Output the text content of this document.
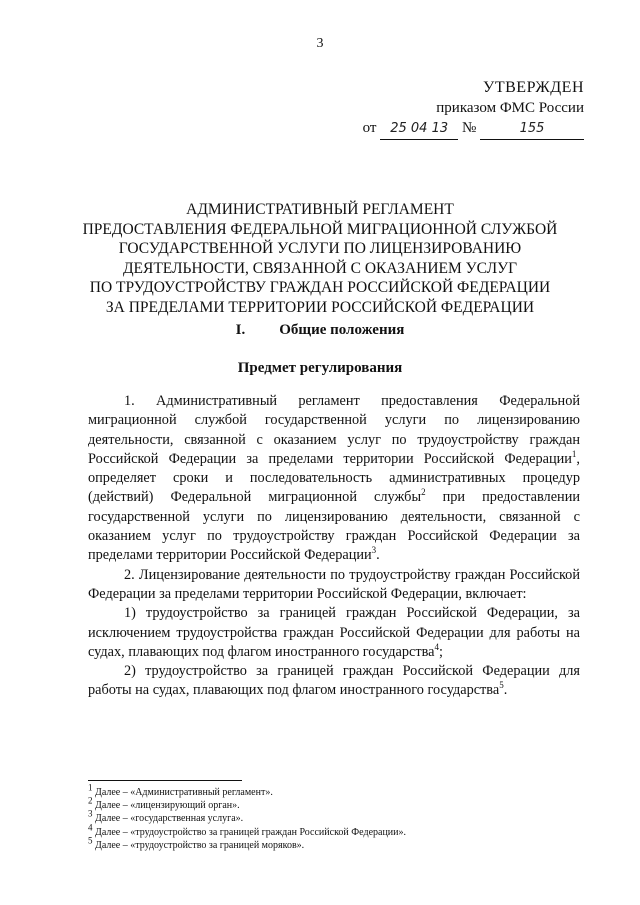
3
УТВЕРЖДЕН
приказом ФМС России
от 25 04 13 №	155
АДМИНИСТРАТИВНЫЙ РЕГЛАМЕНТ
ПРЕДОСТАВЛЕНИЯ ФЕДЕРАЛЬНОЙ МИГРАЦИОННОЙ СЛУЖБОЙ
ГОСУДАРСТВЕННОЙ УСЛУГИ ПО ЛИЦЕНЗИРОВАНИЮ
ДЕЯТЕЛЬНОСТИ, СВЯЗАННОЙ С ОКАЗАНИЕМ УСЛУГ
ПО ТРУДОУСТРОЙСТВУ ГРАЖДАН РОССИЙСКОЙ ФЕДЕРАЦИИ
ЗА ПРЕДЕЛАМИ ТЕРРИТОРИИ РОССИЙСКОЙ ФЕДЕРАЦИИ
I. Общие положения
Предмет регулирования

1. Административный регламент предоставления Федеральной миграционной службой государственной услуги по лицензированию деятельности, связанной с оказанием услуг по трудоустройству граждан Российской Федерации за пределами территории Российской Федерации$^1$, определяет сроки и последовательность административных процедур (действий) Федеральной миграционной службы$^2$ при предоставлении государственной услуги по лицензированию деятельности, связанной с оказанием услуг по трудоустройству граждан Российской Федерации за пределами территории Российской Федерации$^3$.

2. Лицензирование деятельности по трудоустройству граждан Российской Федерации за пределами территории Российской Федерации, включает:

1) трудоустройство за границей граждан Российской Федерации, за исключением трудоустройства граждан Российской Федерации для работы на судах, плавающих под флагом иностранного государства$^4$;

2) трудоустройство за границей граждан Российской Федерации для работы на судах, плавающих под флагом иностранного государства$^5$.

$^1$ Далее – «Административный регламент».
$^2$ Далее – «лицензирующий орган».
$^3$ Далее – «государственная услуга».
$^4$ Далее – «трудоустройство за границей граждан Российской Федерации».
$^5$ Далее – «трудоустройство за границей моряков».
